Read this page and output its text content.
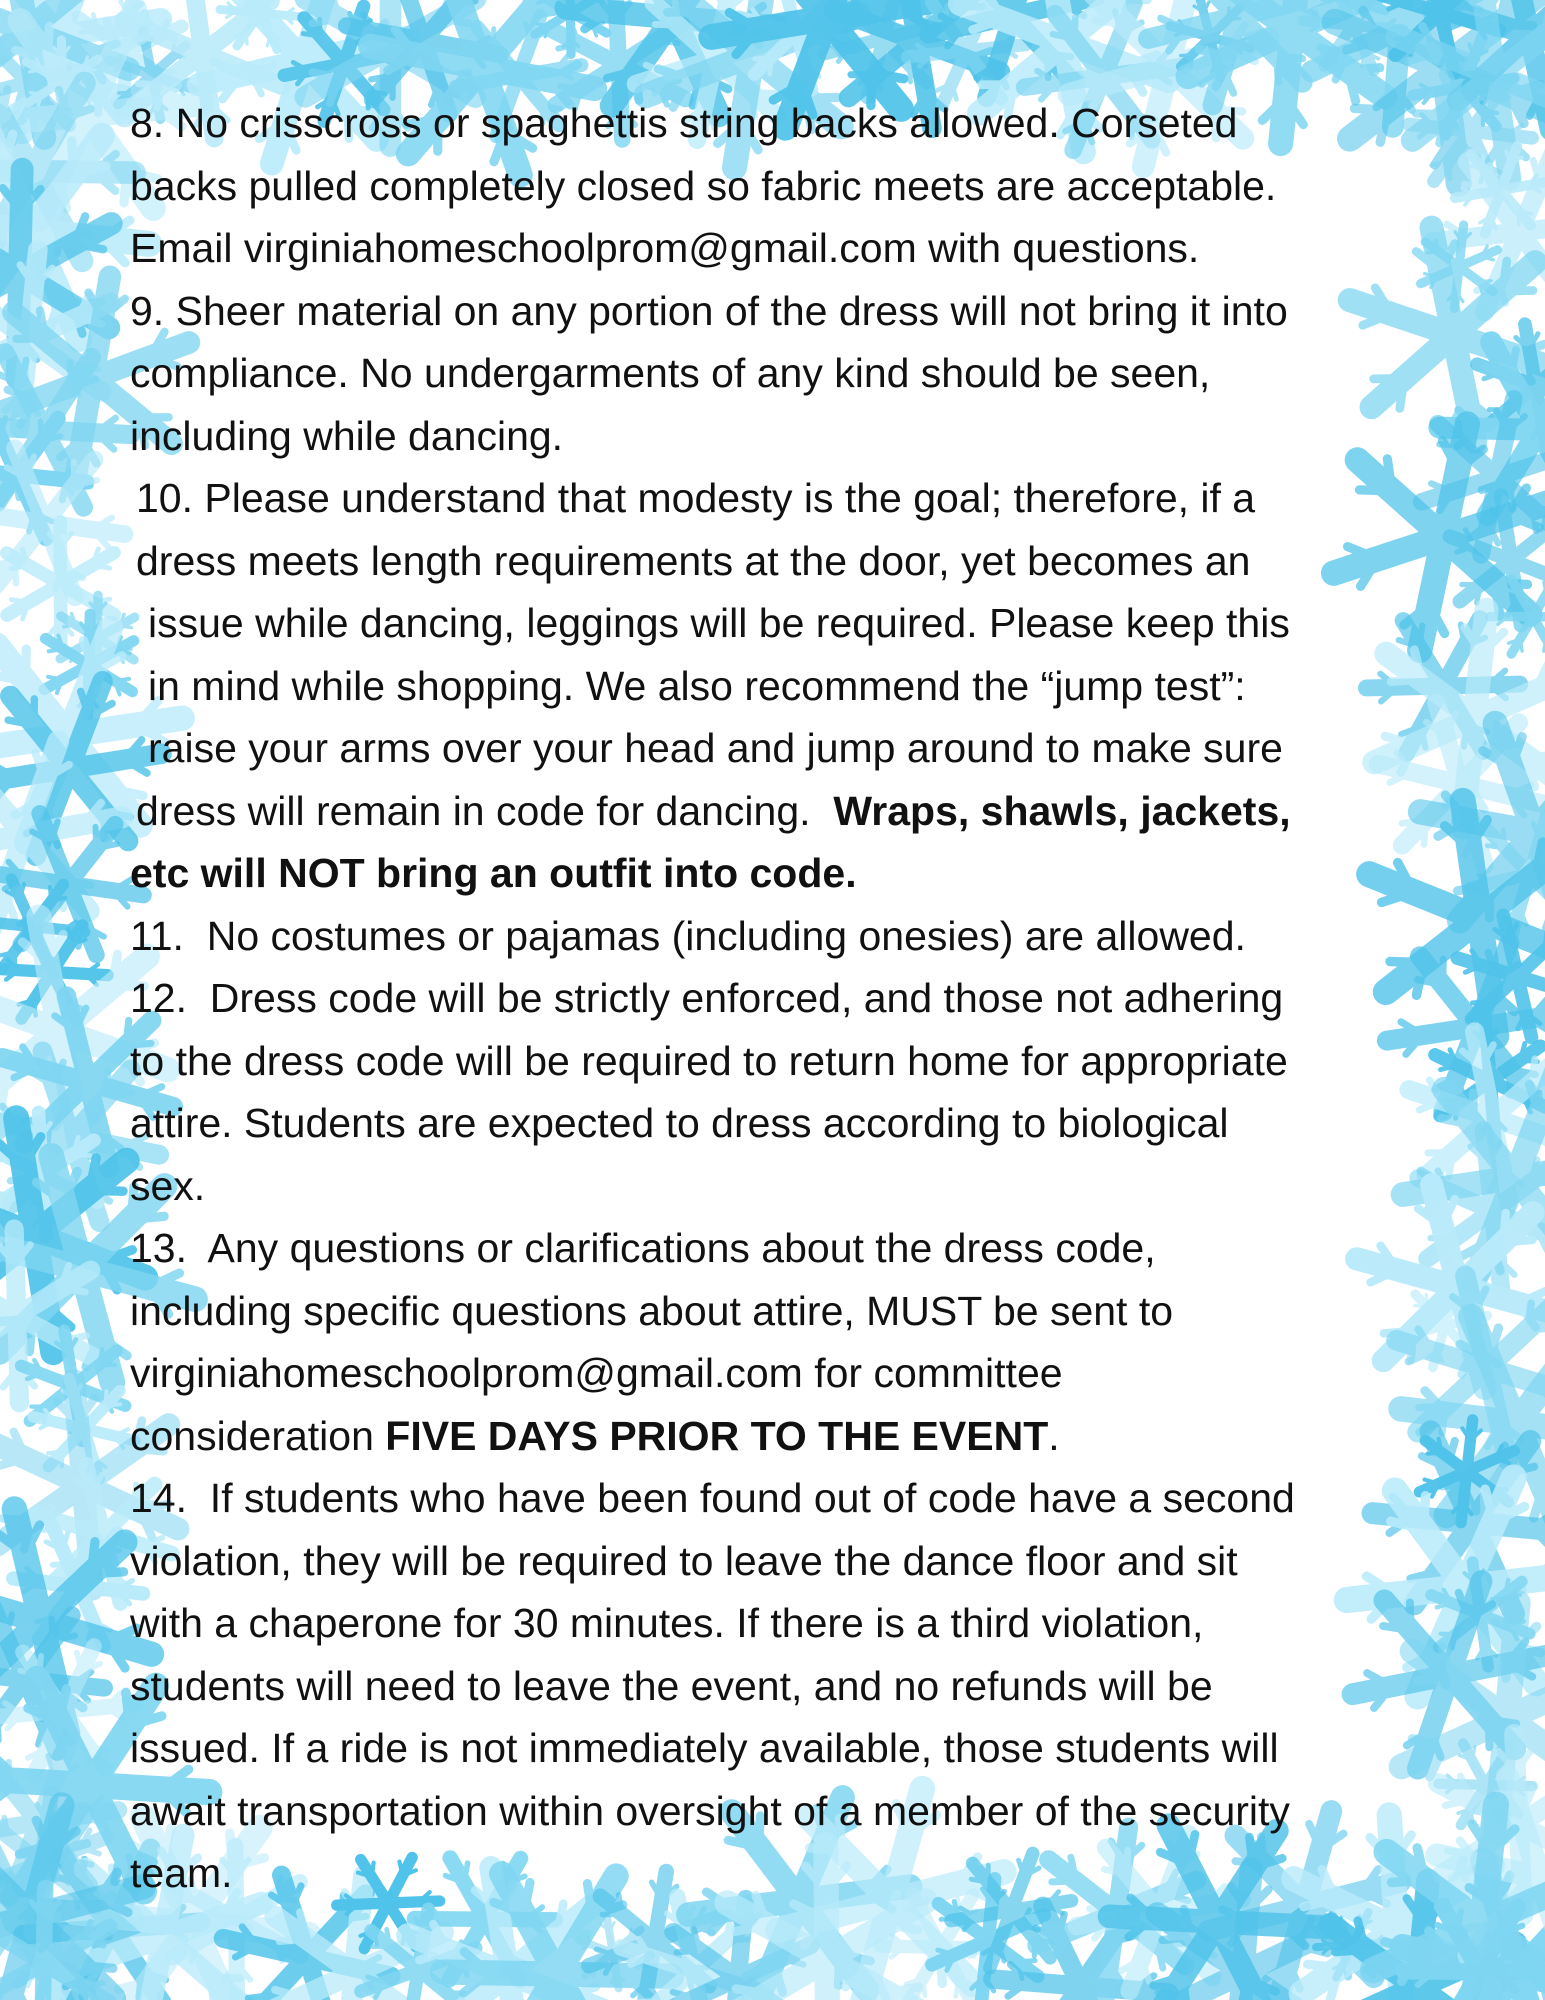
8. No crisscross or spaghettis string backs allowed. Corseted
backs pulled completely closed so fabric meets are acceptable.
Email virginiahomeschoolprom@gmail.com with questions.
9. Sheer material on any portion of the dress will not bring it into
compliance. No undergarments of any kind should be seen,
including while dancing.
10. Please understand that modesty is the goal; therefore, if a
dress meets length requirements at the door, yet becomes an
issue while dancing, leggings will be required. Please keep this
in mind while shopping. We also recommend the “jump test”:
raise your arms over your head and jump around to make sure
dress will remain in code for dancing.  Wraps, shawls, jackets,
etc will NOT bring an outfit into code.
11. No costumes or pajamas (including onesies) are allowed.
12. Dress code will be strictly enforced, and those not adhering
to the dress code will be required to return home for appropriate
attire. Students are expected to dress according to biological
sex.
13. Any questions or clarifications about the dress code,
including specific questions about attire, MUST be sent to
virginiahomeschoolprom@gmail.com for committee
consideration FIVE DAYS PRIOR TO THE EVENT.
14. If students who have been found out of code have a second
violation, they will be required to leave the dance floor and sit
with a chaperone for 30 minutes. If there is a third violation,
students will need to leave the event, and no refunds will be
issued. If a ride is not immediately available, those students will
await transportation within oversight of a member of the security
team.
